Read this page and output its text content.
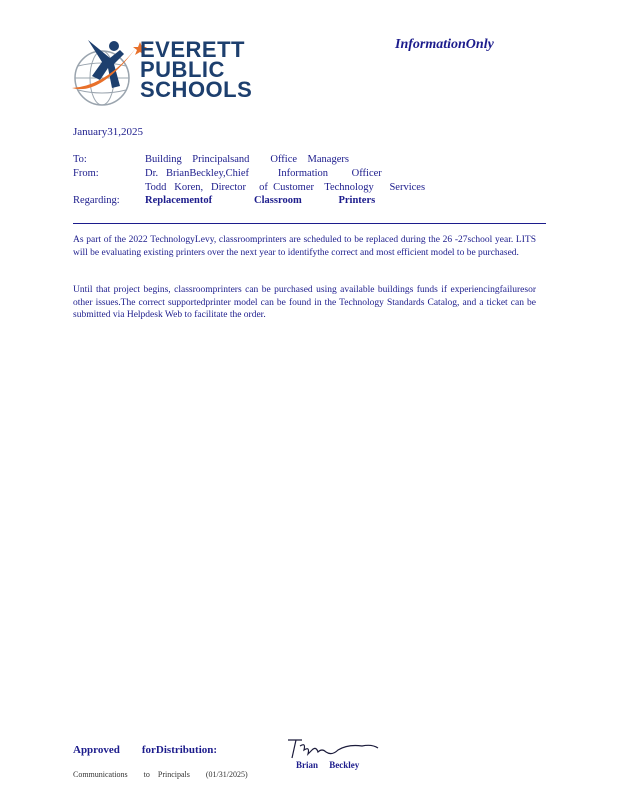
EVERETT
PUBLIC
SCHOOLS
InformationOnly
January31,2025
To:	Building    Principalsand        Office    Managers
From:	Dr.   BrianBeckley,Chief           Information         Officer
Todd   Koren,   Director     of  Customer    Technology      Services
Regarding: Replacementof                Classroom              Printers
As part of the 2022 TechnologyLevy, classroomprinters are scheduled to be replaced during the 26 -27school year. LITS will be evaluating existing printers over the next year to identifythe correct and most efficient model to be purchased.
Until that project begins, classroomprinters can be purchased using available buildings funds if experiencingfailuresor other issues.The correct supportedprinter model can be found in the Technology Standards Catalog, and a ticket can be submitted via Helpdesk Web to facilitate the order.
Approved        forDistribution:
Brian     Beckley
Communications        to    Principals        (01/31/2025)
